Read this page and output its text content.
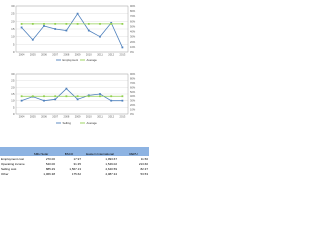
0
5
10
15
20
25
30
0%
10%
20%
30%
40%
50%
60%
70%
80%
90%
2004 2005 2006 2007 2008 2009 2010 2011 2012 2013
Employment	Average
0
5
10
15
20
25
30
0%
10%
20%
30%
40%
50%
60%
70%
80%
90%
2004 2005 2006 2007 2008 2009 2010 2011 2012 2013
Selling	Average
	SMH Solar	BSCO	Eastern International	REPU
Employment cost	270.00	17.97	1,993.67	11.50
Operating income	540.00	31.35	1,549.02	213.60
Selling cost	885.29	1,567.13	4,640.59	82.37
Other	1,066.38	175.62	4,087.34	53.53
